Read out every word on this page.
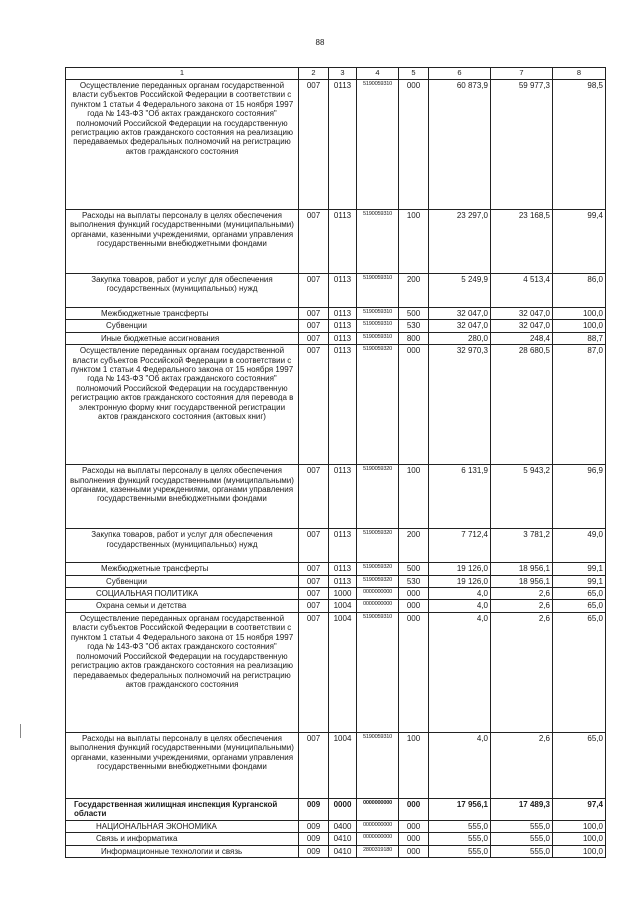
88
1	2	3	4	5	6	7	8
Осуществление переданных органам государственной власти субъектов Российской Федерации в соответствии с пунктом 1 статьи 4 Федерального закона от 15 ноября 1997 года № 143-ФЗ "Об актах гражданского состояния" полномочий Российской Федерации на государственную регистрацию актов гражданского состояния на реализацию передаваемых федеральных полномочий на регистрацию актов гражданского состояния	007	0113	5190059310	000	60 873,9	59 977,3	98,5
Расходы на выплаты персоналу в целях обеспечения выполнения функций государственными (муниципальными) органами, казенными учреждениями, органами управления государственными внебюджетными фондами	007	0113	5190059310	100	23 297,0	23 168,5	99,4
Закупка товаров, работ и услуг для обеспечения государственных (муниципальных) нужд	007	0113	5190059310	200	5 249,9	4 513,4	86,0
Межбюджетные трансферты	007	0113	5190059310	500	32 047,0	32 047,0	100,0
Субвенции	007	0113	5190059310	530	32 047,0	32 047,0	100,0
Иные бюджетные ассигнования	007	0113	5190059310	800	280,0	248,4	88,7
Осуществление переданных органам государственной власти субъектов Российской Федерации в соответствии с пунктом 1 статьи 4 Федерального закона от 15 ноября 1997 года № 143-ФЗ "Об актах гражданского состояния" полномочий Российской Федерации на государственную регистрацию актов гражданского состояния для перевода в электронную форму книг государственной регистрации актов гражданского состояния (актовых книг)	007	0113	5190059320	000	32 970,3	28 680,5	87,0
Расходы на выплаты персоналу в целях обеспечения выполнения функций государственными (муниципальными) органами, казенными учреждениями, органами управления государственными внебюджетными фондами	007	0113	5190059320	100	6 131,9	5 943,2	96,9
Закупка товаров, работ и услуг для обеспечения государственных (муниципальных) нужд	007	0113	5190059320	200	7 712,4	3 781,2	49,0
Межбюджетные трансферты	007	0113	5190059320	500	19 126,0	18 956,1	99,1
Субвенции	007	0113	5190059320	530	19 126,0	18 956,1	99,1
СОЦИАЛЬНАЯ ПОЛИТИКА	007	1000	0000000000	000	4,0	2,6	65,0
Охрана семьи и детства	007	1004	0000000000	000	4,0	2,6	65,0
Осуществление переданных органам государственной власти субъектов Российской Федерации в соответствии с пунктом 1 статьи 4 Федерального закона от 15 ноября 1997 года № 143-ФЗ "Об актах гражданского состояния" полномочий Российской Федерации на государственную регистрацию актов гражданского состояния на реализацию передаваемых федеральных полномочий на регистрацию актов гражданского состояния	007	1004	5190059310	000	4,0	2,6	65,0
Расходы на выплаты персоналу в целях обеспечения выполнения функций государственными (муниципальными) органами, казенными учреждениями, органами управления государственными внебюджетными фондами	007	1004	5190059310	100	4,0	2,6	65,0
Государственная жилищная инспекция Курганской области	009	0000	0000000000	000	17 956,1	17 489,3	97,4
НАЦИОНАЛЬНАЯ ЭКОНОМИКА	009	0400	0000000000	000	555,0	555,0	100,0
Связь и информатика	009	0410	0000000000	000	555,0	555,0	100,0
Информационные технологии и связь	009	0410	2800319180	000	555,0	555,0	100,0
